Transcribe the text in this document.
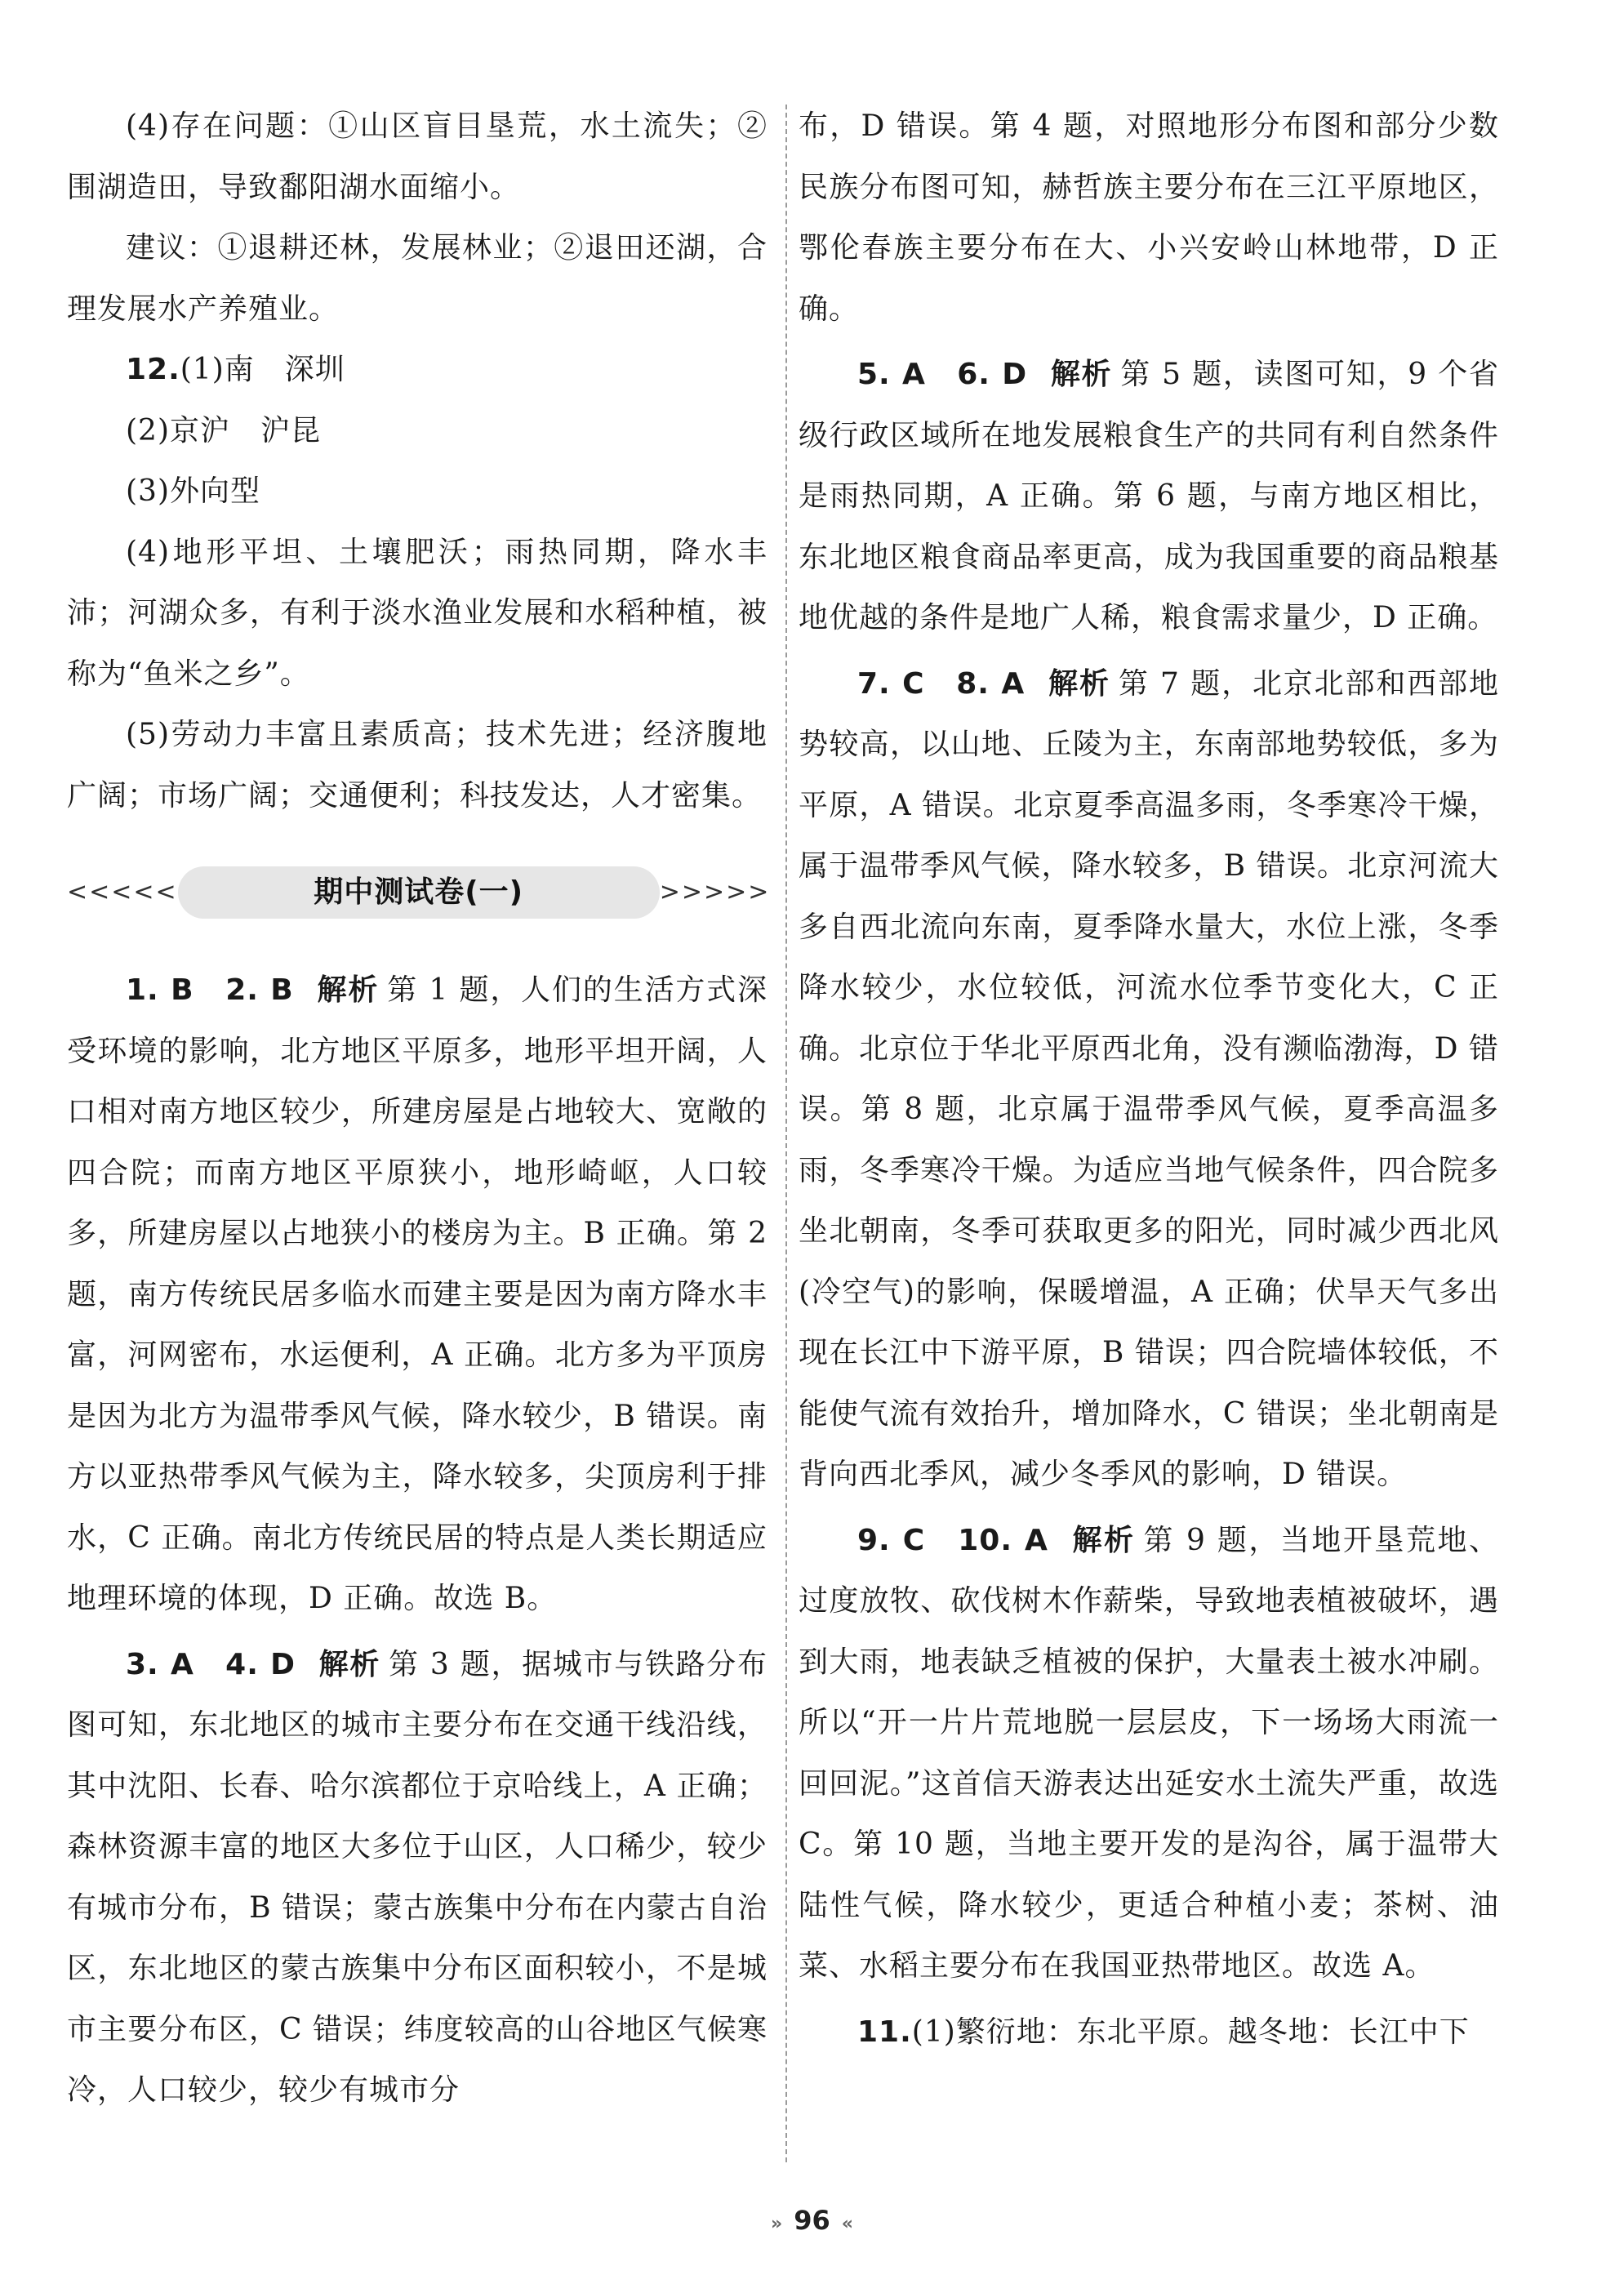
(4)存在问题：①山区盲目垦荒，水土流失；②围湖造田，导致鄱阳湖水面缩小。

建议：①退耕还林，发展林业；②退田还湖，合理发展水产养殖业。

12.(1)南　深圳

(2)京沪　沪昆

(3)外向型

(4)地形平坦、土壤肥沃；雨热同期，降水丰沛；河湖众多，有利于淡水渔业发展和水稻种植，被称为“鱼米之乡”。

(5)劳动力丰富且素质高；技术先进；经济腹地广阔；市场广阔；交通便利；科技发达，人才密集。

<<<<<	期中测试卷(一)	>>>>>

1. B　2. B 解析 第 1 题，人们的生活方式深受环境的影响，北方地区平原多，地形平坦开阔，人口相对南方地区较少，所建房屋是占地较大、宽敞的四合院；而南方地区平原狭小，地形崎岖，人口较多，所建房屋以占地狭小的楼房为主。B 正确。第 2 题，南方传统民居多临水而建主要是因为南方降水丰富，河网密布，水运便利，A 正确。北方多为平顶房是因为北方为温带季风气候，降水较少，B 错误。南方以亚热带季风气候为主，降水较多，尖顶房利于排水，C 正确。南北方传统民居的特点是人类长期适应地理环境的体现，D 正确。故选 B。

3. A　4. D 解析 第 3 题，据城市与铁路分布图可知，东北地区的城市主要分布在交通干线沿线，其中沈阳、长春、哈尔滨都位于京哈线上，A 正确；森林资源丰富的地区大多位于山区，人口稀少，较少有城市分布，B 错误；蒙古族集中分布在内蒙古自治区，东北地区的蒙古族集中分布区面积较小，不是城市主要分布区，C 错误；纬度较高的山谷地区气候寒冷，人口较少，较少有城市分

布，D 错误。第 4 题，对照地形分布图和部分少数民族分布图可知，赫哲族主要分布在三江平原地区，鄂伦春族主要分布在大、小兴安岭山林地带，D 正确。

5. A　6. D 解析 第 5 题，读图可知，9 个省级行政区域所在地发展粮食生产的共同有利自然条件是雨热同期，A 正确。第 6 题，与南方地区相比，东北地区粮食商品率更高，成为我国重要的商品粮基地优越的条件是地广人稀，粮食需求量少，D 正确。

7. C　8. A 解析 第 7 题，北京北部和西部地势较高，以山地、丘陵为主，东南部地势较低，多为平原，A 错误。北京夏季高温多雨，冬季寒冷干燥，属于温带季风气候，降水较多，B 错误。北京河流大多自西北流向东南，夏季降水量大，水位上涨，冬季降水较少，水位较低，河流水位季节变化大，C 正确。北京位于华北平原西北角，没有濒临渤海，D 错误。第 8 题，北京属于温带季风气候，夏季高温多雨，冬季寒冷干燥。为适应当地气候条件，四合院多坐北朝南，冬季可获取更多的阳光，同时减少西北风(冷空气)的影响，保暖增温，A 正确；伏旱天气多出现在长江中下游平原，B 错误；四合院墙体较低，不能使气流有效抬升，增加降水，C 错误；坐北朝南是背向西北季风，减少冬季风的影响，D 错误。

9. C　10. A 解析 第 9 题，当地开垦荒地、过度放牧、砍伐树木作薪柴，导致地表植被破坏，遇到大雨，地表缺乏植被的保护，大量表土被水冲刷。所以“开一片片荒地脱一层层皮，下一场场大雨流一回回泥。”这首信天游表达出延安水土流失严重，故选 C。第 10 题，当地主要开发的是沟谷，属于温带大陆性气候，降水较少，更适合种植小麦；茶树、油菜、水稻主要分布在我国亚热带地区。故选 A。

11.(1)繁衍地：东北平原。越冬地：长江中下

» 96 «
